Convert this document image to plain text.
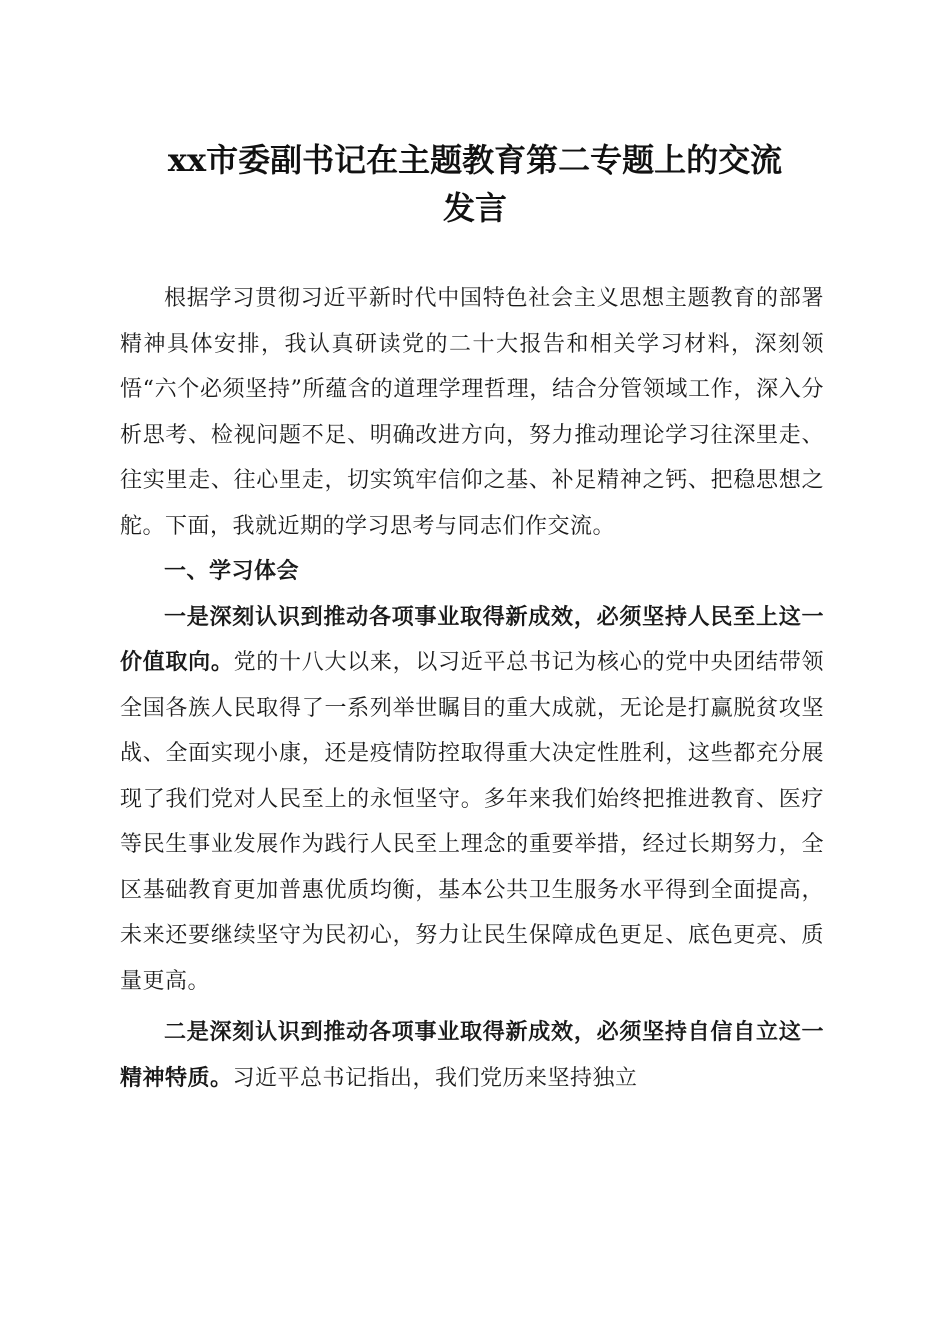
xx市委副书记在主题教育第二专题上的交流
发言

根据学习贯彻习近平新时代中国特色社会主义思想主题教育的部署精神具体安排，我认真研读党的二十大报告和相关学习材料，深刻领悟“六个必须坚持”所蕴含的道理学理哲理，结合分管领域工作，深入分析思考、检视问题不足、明确改进方向，努力推动理论学习往深里走、往实里走、往心里走，切实筑牢信仰之基、补足精神之钙、把稳思想之舵。下面，我就近期的学习思考与同志们作交流。

一、学习体会

一是深刻认识到推动各项事业取得新成效，必须坚持人民至上这一价值取向。党的十八大以来，以习近平总书记为核心的党中央团结带领全国各族人民取得了一系列举世瞩目的重大成就，无论是打赢脱贫攻坚战、全面实现小康，还是疫情防控取得重大决定性胜利，这些都充分展现了我们党对人民至上的永恒坚守。多年来我们始终把推进教育、医疗等民生事业发展作为践行人民至上理念的重要举措，经过长期努力，全区基础教育更加普惠优质均衡，基本公共卫生服务水平得到全面提高，未来还要继续坚守为民初心，努力让民生保障成色更足、底色更亮、质量更高。

二是深刻认识到推动各项事业取得新成效，必须坚持自信自立这一精神特质。习近平总书记指出，我们党历来坚持独立
